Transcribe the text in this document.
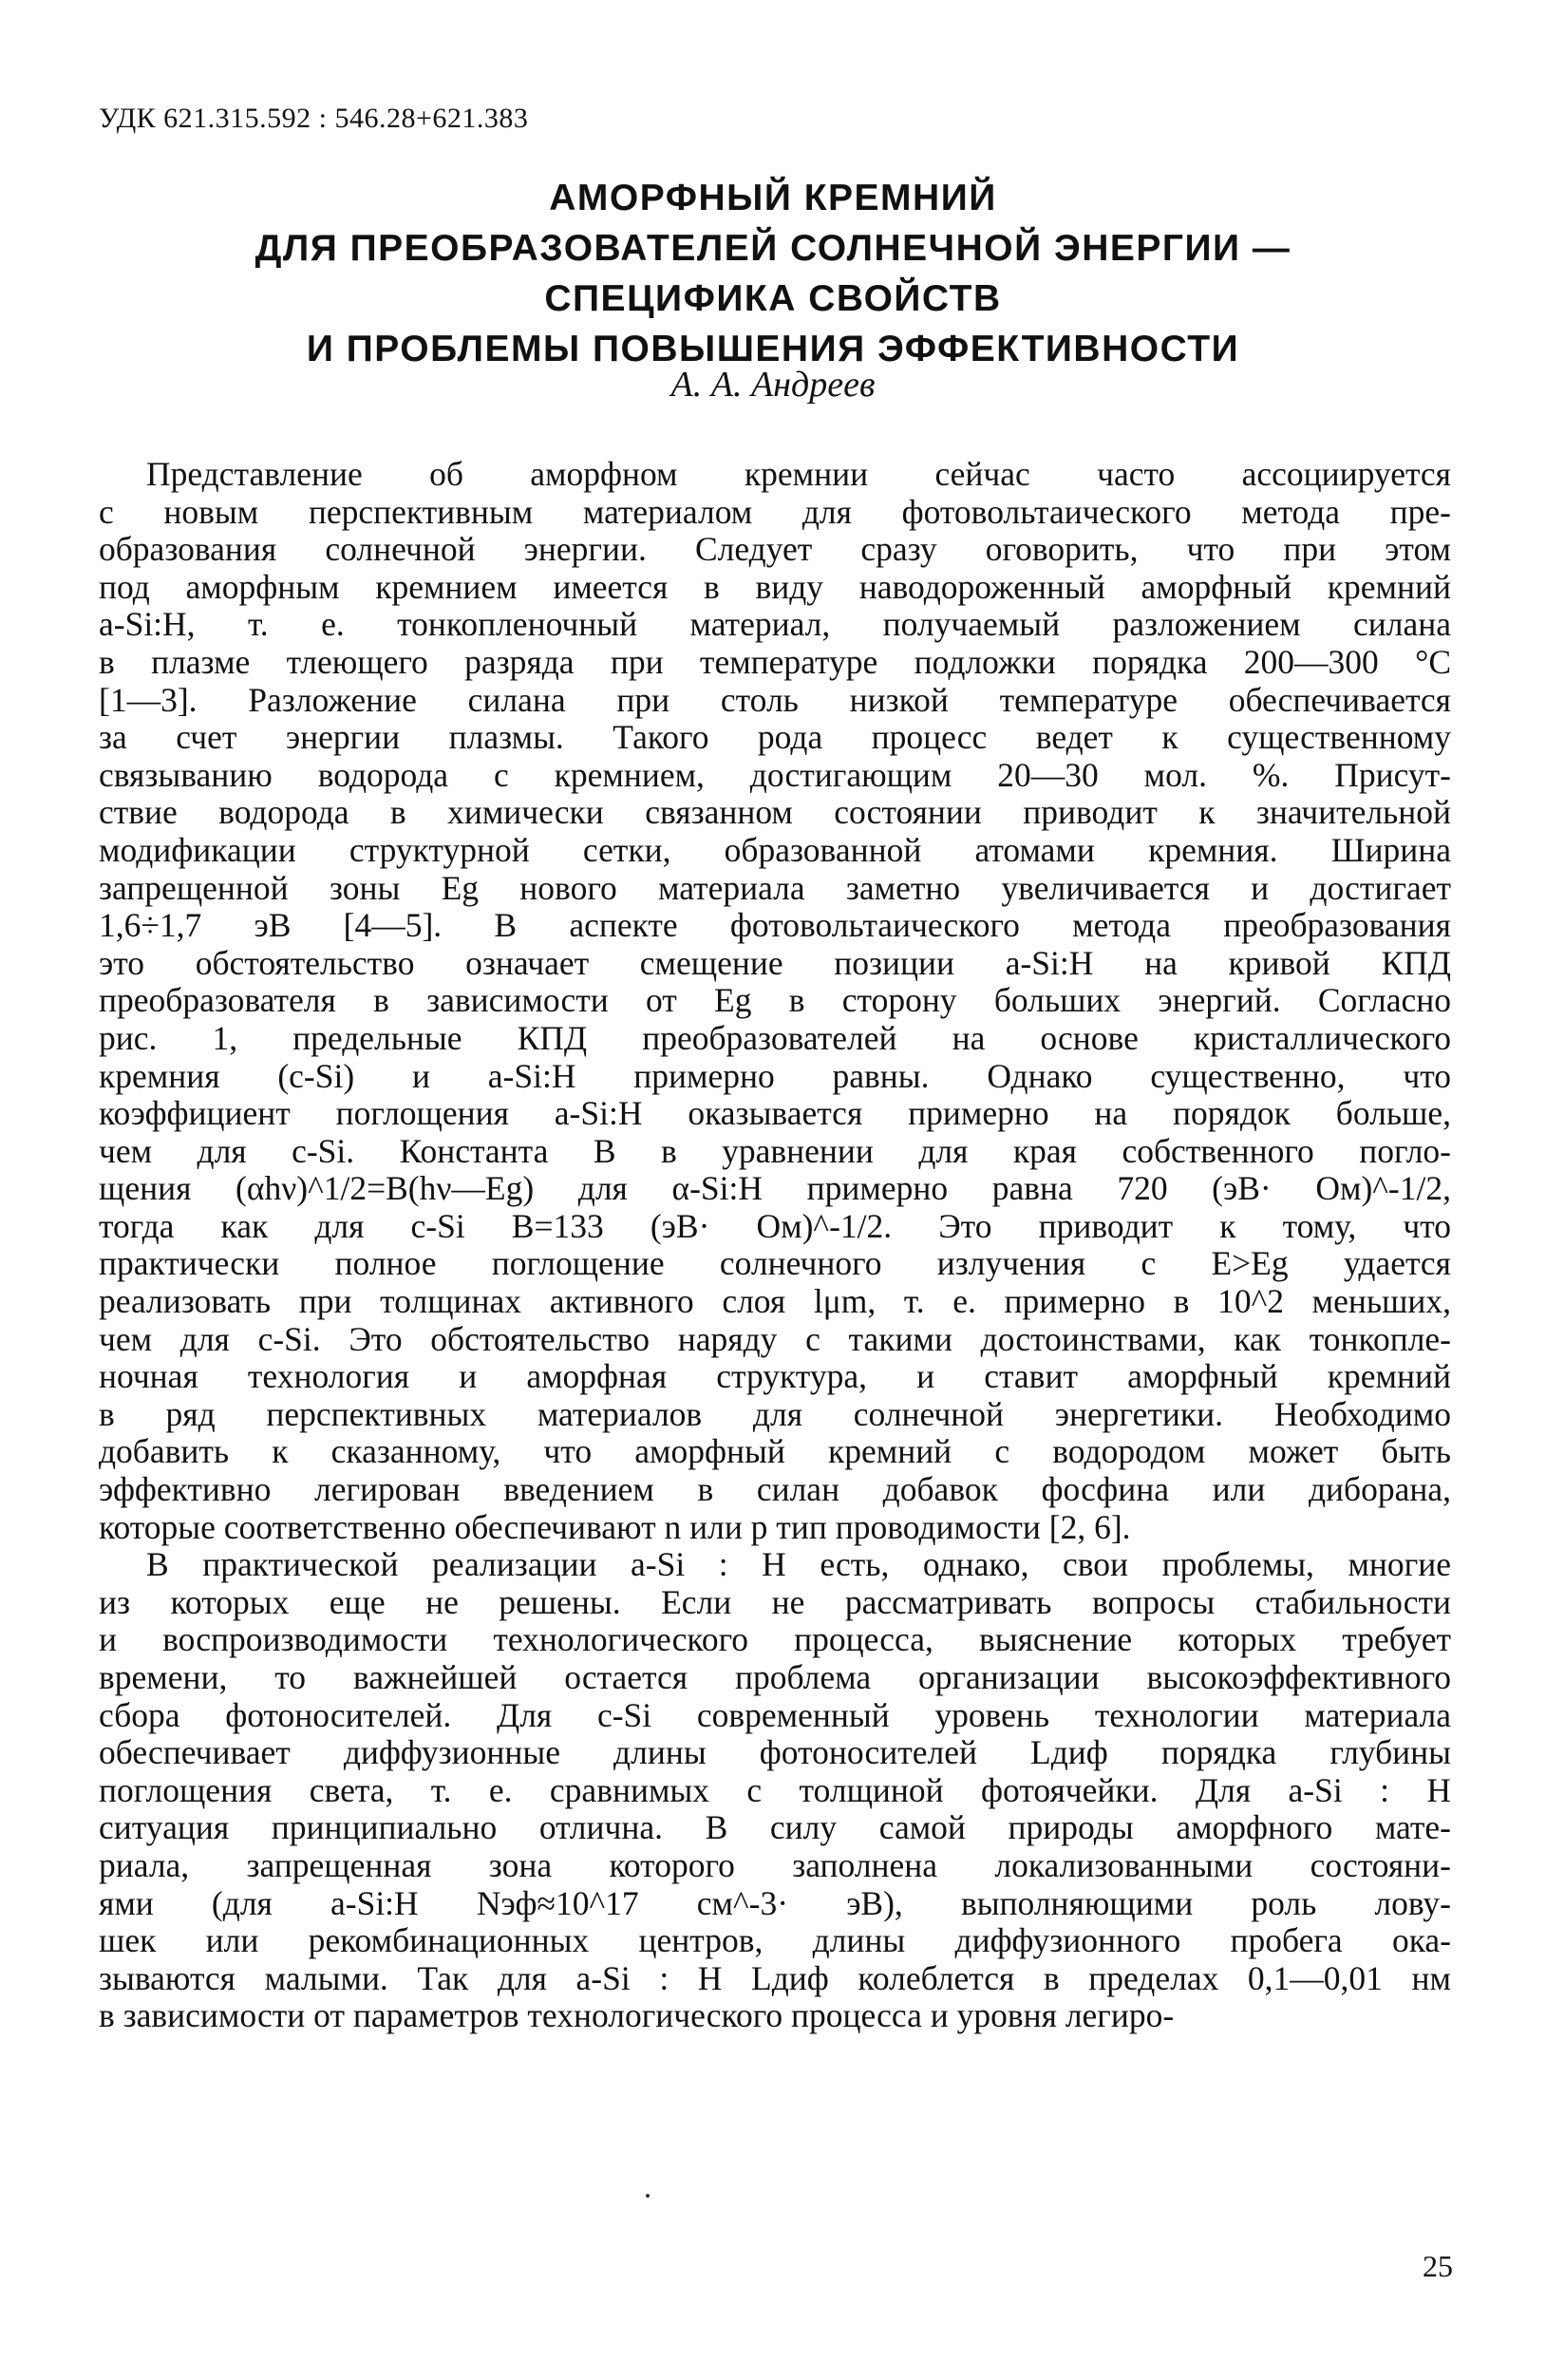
УДК 621.315.592 : 546.28+621.383
АМОРФНЫЙ КРЕМНИЙ
ДЛЯ ПРЕОБРАЗОВАТЕЛЕЙ СОЛНЕЧНОЙ ЭНЕРГИИ —
СПЕЦИФИКА СВОЙСТВ
И ПРОБЛЕМЫ ПОВЫШЕНИЯ ЭФФЕКТИВНОСТИ
А. А. Андреев
Представление об аморфном кремнии сейчас часто ассоциируется
с новым перспективным материалом для фотовольтаического метода пре-
образования солнечной энергии. Следует сразу оговорить, что при этом
под аморфным кремнием имеется в виду наводороженный аморфный кремний
a-Si:H, т. е. тонкопленочный материал, получаемый разложением силана
в плазме тлеющего разряда при температуре подложки порядка 200—300 °С
[1—3]. Разложение силана при столь низкой температуре обеспечивается
за счет энергии плазмы. Такого рода процесс ведет к существенному
связыванию водорода с кремнием, достигающим 20—30 мол. %. Присут-
ствие водорода в химически связанном состоянии приводит к значительной
модификации структурной сетки, образованной атомами кремния. Ширина
запрещенной зоны Eg нового материала заметно увеличивается и достигает
1,6÷1,7 эВ [4—5]. В аспекте фотовольтаического метода преобразования
это обстоятельство означает смещение позиции a-Si:H на кривой КПД
преобразователя в зависимости от Eg в сторону больших энергий. Согласно
рис. 1, предельные КПД преобразователей на основе кристаллического
кремния (c-Si) и a-Si:H примерно равны. Однако существенно, что
коэффициент поглощения a-Si:H оказывается примерно на порядок больше,
чем для c-Si. Константа B в уравнении для края собственного погло-
щения (αhν)^1/2=B(hν—Eg) для α-Si:H примерно равна 720 (эВ· Ом)^-1/2,
тогда как для c-Si B=133 (эВ· Ом)^-1/2. Это приводит к тому, что
практически полное поглощение солнечного излучения с E>Eg удается
реализовать при толщинах активного слоя lμm, т. е. примерно в 10^2 меньших,
чем для c-Si. Это обстоятельство наряду с такими достоинствами, как тонкопле-
ночная технология и аморфная структура, и ставит аморфный кремний
в ряд перспективных материалов для солнечной энергетики. Необходимо
добавить к сказанному, что аморфный кремний с водородом может быть
эффективно легирован введением в силан добавок фосфина или диборана,
которые соответственно обеспечивают n или p тип проводимости [2, 6].
В практической реализации a-Si : H есть, однако, свои проблемы, многие
из которых еще не решены. Если не рассматривать вопросы стабильности
и воспроизводимости технологического процесса, выяснение которых требует
времени, то важнейшей остается проблема организации высокоэффективного
сбора фотоносителей. Для c-Si современный уровень технологии материала
обеспечивает диффузионные длины фотоносителей Lдиф порядка глубины
поглощения света, т. е. сравнимых с толщиной фотоячейки. Для a-Si : H
ситуация принципиально отлична. В силу самой природы аморфного мате-
риала, запрещенная зона которого заполнена локализованными состояни-
ями (для a-Si:H Nэф≈10^17 см^-3· эВ), выполняющими роль лову-
шек или рекомбинационных центров, длины диффузионного пробега ока-
зываются малыми. Так для a-Si : H Lдиф колеблется в пределах 0,1—0,01 нм
в зависимости от параметров технологического процесса и уровня легиро-
25
